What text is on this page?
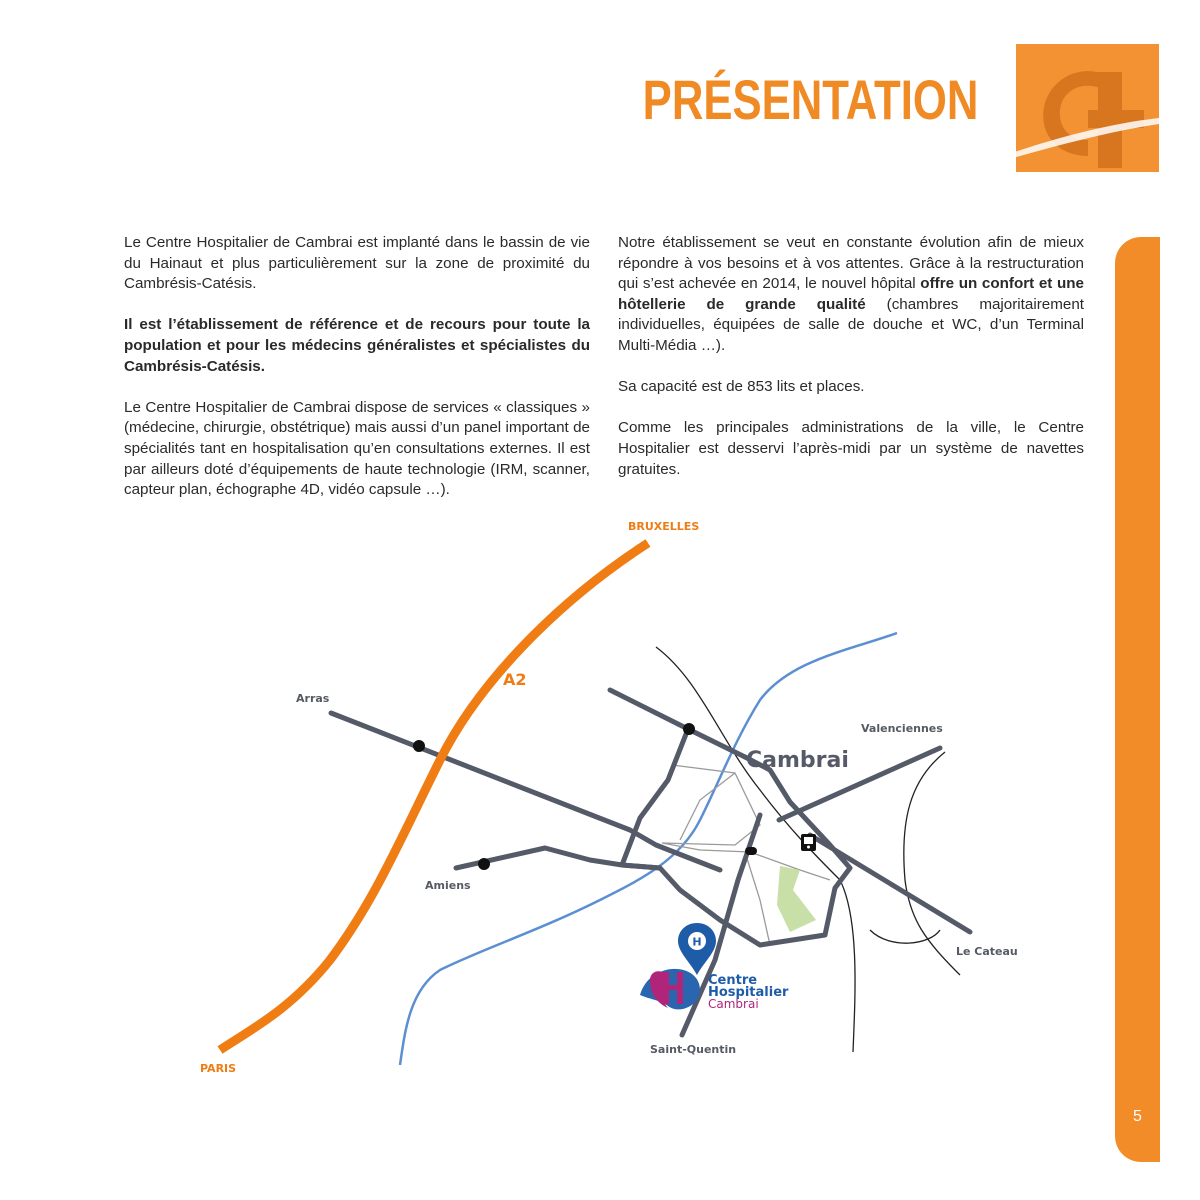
PRÉSENTATION
5

Le Centre Hospitalier de Cambrai est implanté dans le bassin de vie du Hainaut et plus particulièrement sur la zone de proximité du Cambrésis-Catésis.

Il est l’établissement de référence et de recours pour toute la population et pour les médecins généralistes et spécialistes du Cambrésis-Catésis.

Le Centre Hospitalier de Cambrai dispose de services « classiques » (médecine, chirurgie, obstétrique) mais aussi d’un panel important de spécialités tant en hospitalisation qu’en consultations externes. Il est par ailleurs doté d’équipements de haute technologie (IRM, scanner, capteur plan, échographe 4D, vidéo capsule …).

Notre établissement se veut en constante évolution afin de mieux répondre à vos besoins et à vos attentes. Grâce à la restructuration qui s’est achevée en 2014, le nouvel hôpital offre un confort et une hôtellerie de grande qualité (chambres majoritairement individuelles, équipées de salle de douche et WC, d’un Terminal Multi-Média …).

Sa capacité est de 853 lits et places.

Comme les principales administrations de la ville, le Centre Hospitalier est desservi l’après-midi par un système de navettes gratuites.

H
Centre
Hospitalier
Cambrai
BRUXELLES
PARIS
A2
Arras
Amiens
Valenciennes
Cambrai
Le Cateau
Saint-Quentin
